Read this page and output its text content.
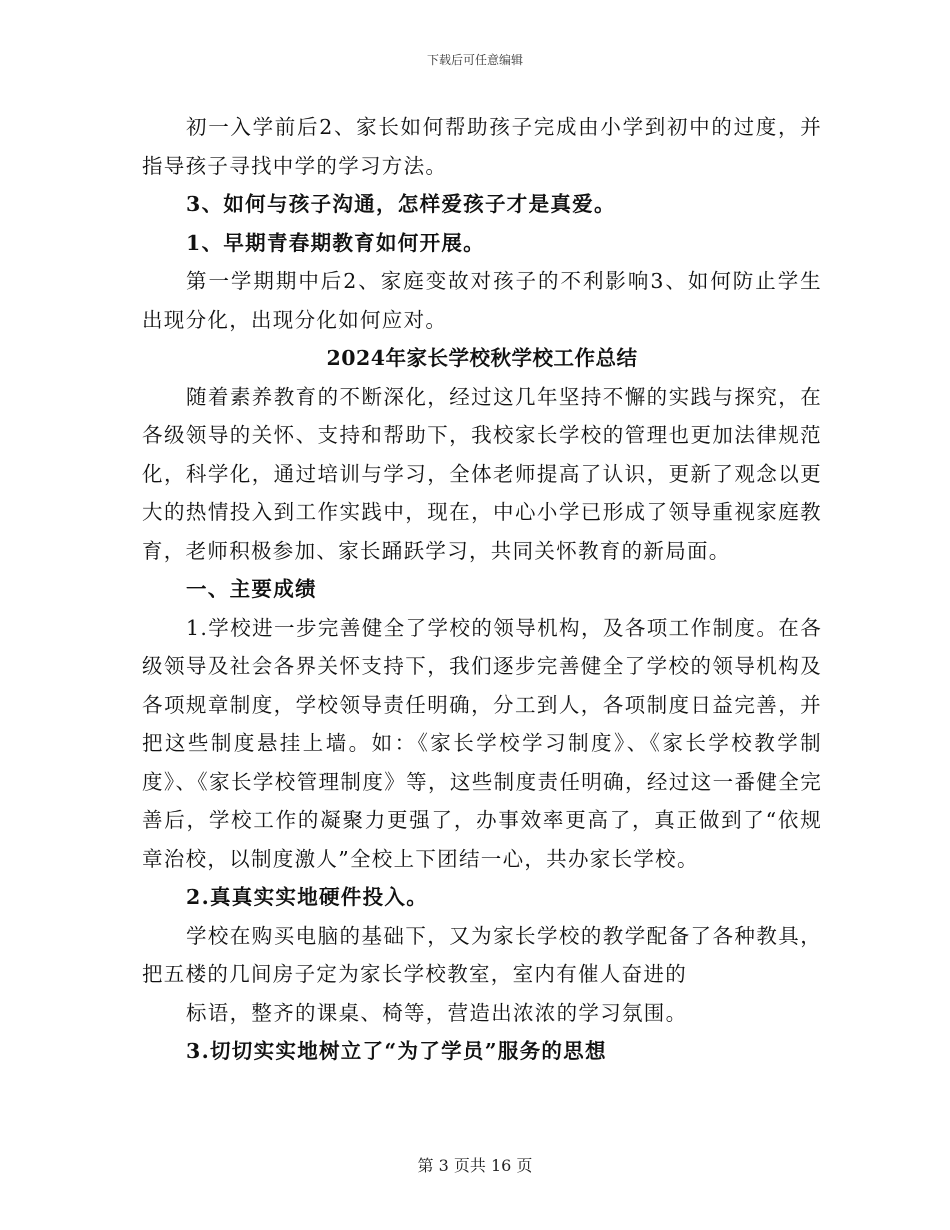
下载后可任意编辑

初一入学前后2、家长如何帮助孩子完成由小学到初中的过度，并指导孩子寻找中学的学习方法。

3、如何与孩子沟通，怎样爱孩子才是真爱。

1、早期青春期教育如何开展。

第一学期期中后2、家庭变故对孩子的不利影响3、如何防止学生出现分化，出现分化如何应对。

2024年家长学校秋学校工作总结

随着素养教育的不断深化，经过这几年坚持不懈的实践与探究，在各级领导的关怀、支持和帮助下，我校家长学校的管理也更加法律规范化，科学化，通过培训与学习，全体老师提高了认识，更新了观念以更大的热情投入到工作实践中，现在，中心小学已形成了领导重视家庭教育，老师积极参加、家长踊跃学习，共同关怀教育的新局面。

一、主要成绩

1.学校进一步完善健全了学校的领导机构，及各项工作制度。在各级领导及社会各界关怀支持下，我们逐步完善健全了学校的领导机构及各项规章制度，学校领导责任明确，分工到人，各项制度日益完善，并把这些制度悬挂上墙。如：《家长学校学习制度》、《家长学校教学制度》、《家长学校管理制度》等，这些制度责任明确，经过这一番健全完善后，学校工作的凝聚力更强了，办事效率更高了，真正做到了“依规章治校，以制度激人”全校上下团结一心，共办家长学校。

2.真真实实地硬件投入。

学校在购买电脑的基础下，又为家长学校的教学配备了各种教具，把五楼的几间房子定为家长学校教室，室内有催人奋进的

标语，整齐的课桌、椅等，营造出浓浓的学习氛围。

3.切切实实地树立了“为了学员”服务的思想

第 3 页共 16 页
